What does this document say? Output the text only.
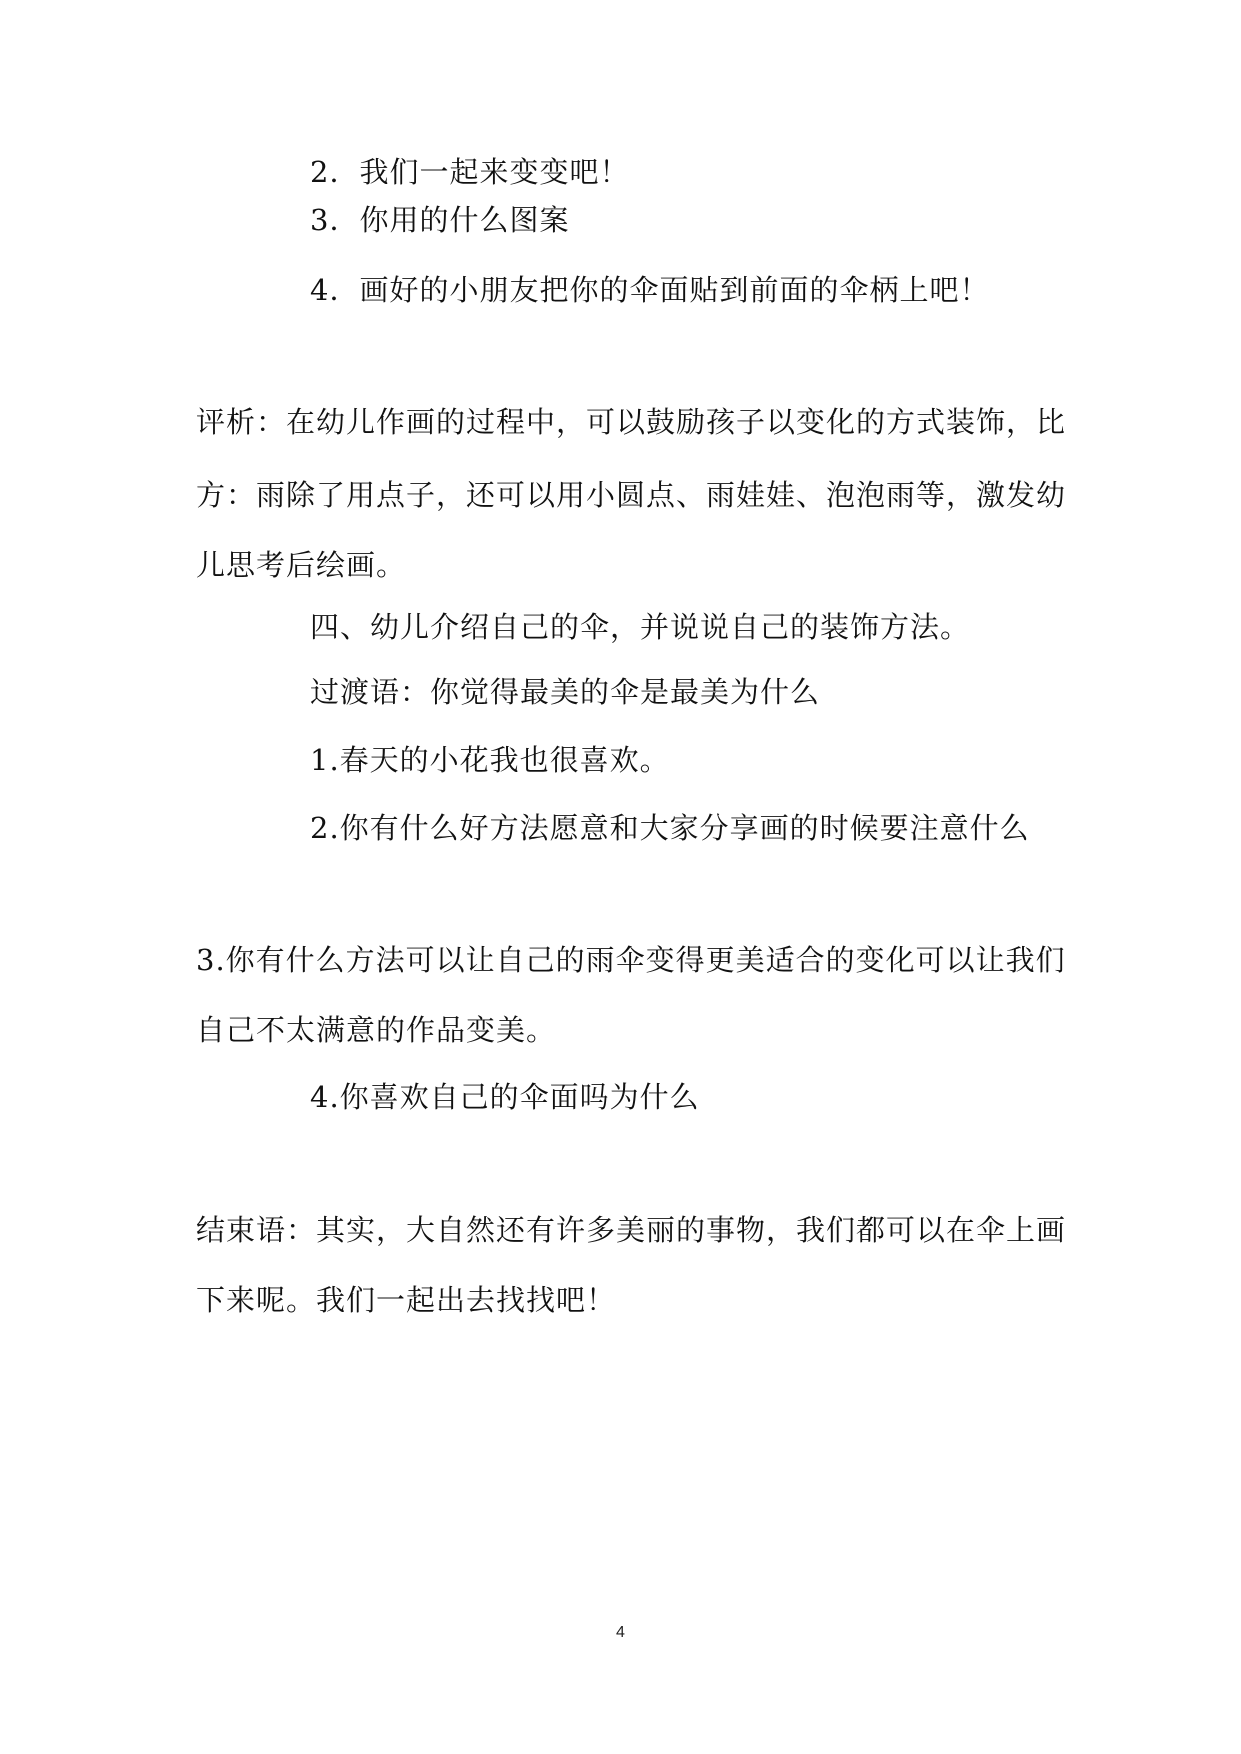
2．我们一起来变变吧！
3．你用的什么图案
4．画好的小朋友把你的伞面贴到前面的伞柄上吧！
评析：在幼儿作画的过程中，可以鼓励孩子以变化的方式装饰，比
方：雨除了用点子，还可以用小圆点、雨娃娃、泡泡雨等，激发幼
儿思考后绘画。
四、幼儿介绍自己的伞，并说说自己的装饰方法。
过渡语：你觉得最美的伞是最美为什么
1.春天的小花我也很喜欢。
2.你有什么好方法愿意和大家分享画的时候要注意什么
3.你有什么方法可以让自己的雨伞变得更美适合的变化可以让我们
自己不太满意的作品变美。
4.你喜欢自己的伞面吗为什么
结束语：其实，大自然还有许多美丽的事物，我们都可以在伞上画
下来呢。我们一起出去找找吧！
4
